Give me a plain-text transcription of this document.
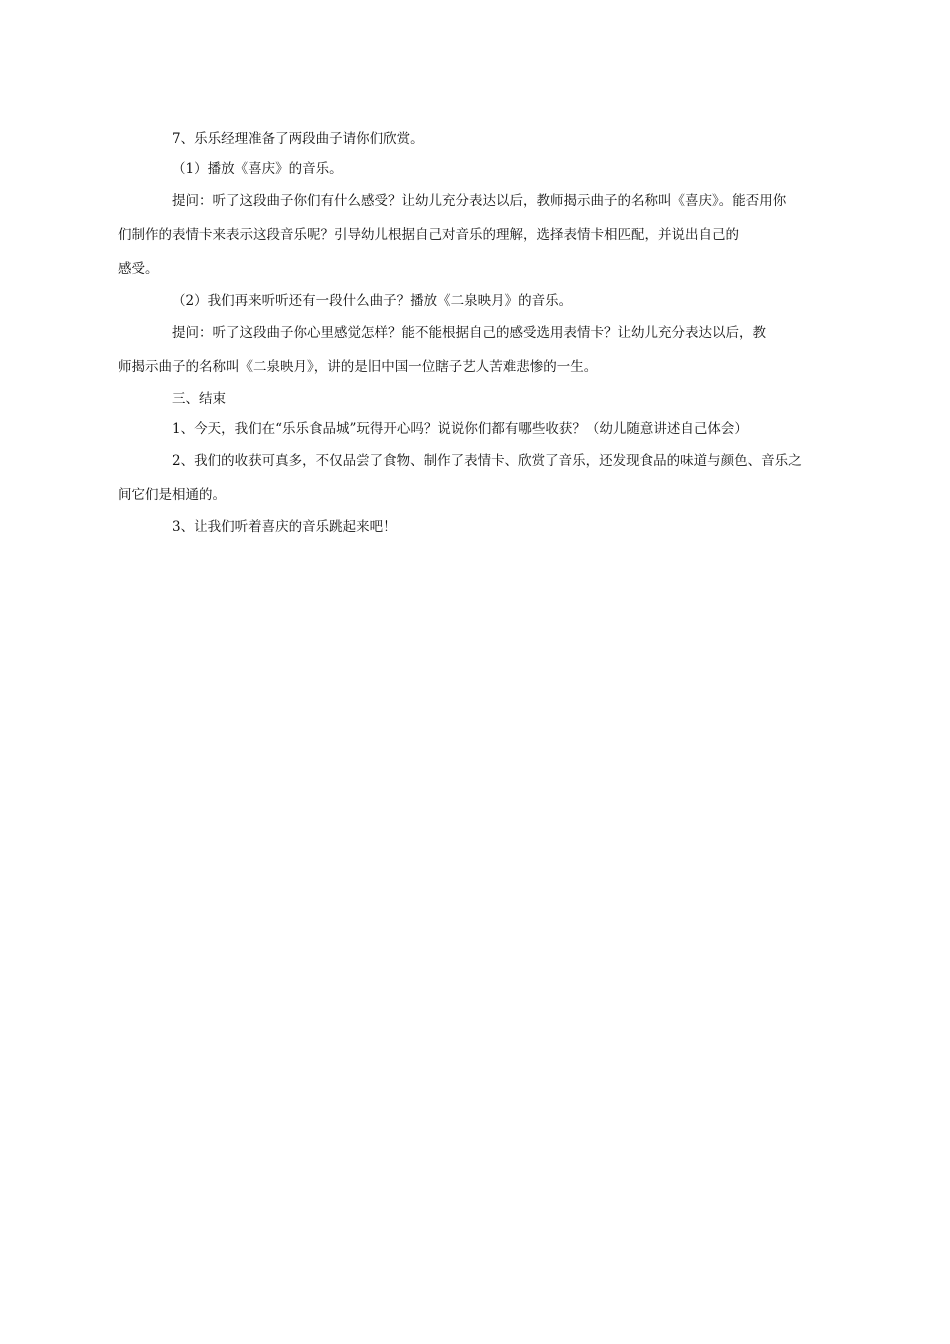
7、乐乐经理准备了两段曲子请你们欣赏。

（1）播放《喜庆》的音乐。

提问：听了这段曲子你们有什么感受？让幼儿充分表达以后，教师揭示曲子的名称叫《喜庆》。能否用你
们制作的表情卡来表示这段音乐呢？引导幼儿根据自己对音乐的理解，选择表情卡相匹配，并说出自己的
感受。

（2）我们再来听听还有一段什么曲子？播放《二泉映月》的音乐。

提问：听了这段曲子你心里感觉怎样？能不能根据自己的感受选用表情卡？让幼儿充分表达以后，教
师揭示曲子的名称叫《二泉映月》，讲的是旧中国一位瞎子艺人苦难悲惨的一生。

三、结束

1、今天，我们在“乐乐食品城”玩得开心吗？说说你们都有哪些收获？（幼儿随意讲述自己体会）

2、我们的收获可真多，不仅品尝了食物、制作了表情卡、欣赏了音乐，还发现食品的味道与颜色、音乐之
间它们是相通的。

3、让我们听着喜庆的音乐跳起来吧！
